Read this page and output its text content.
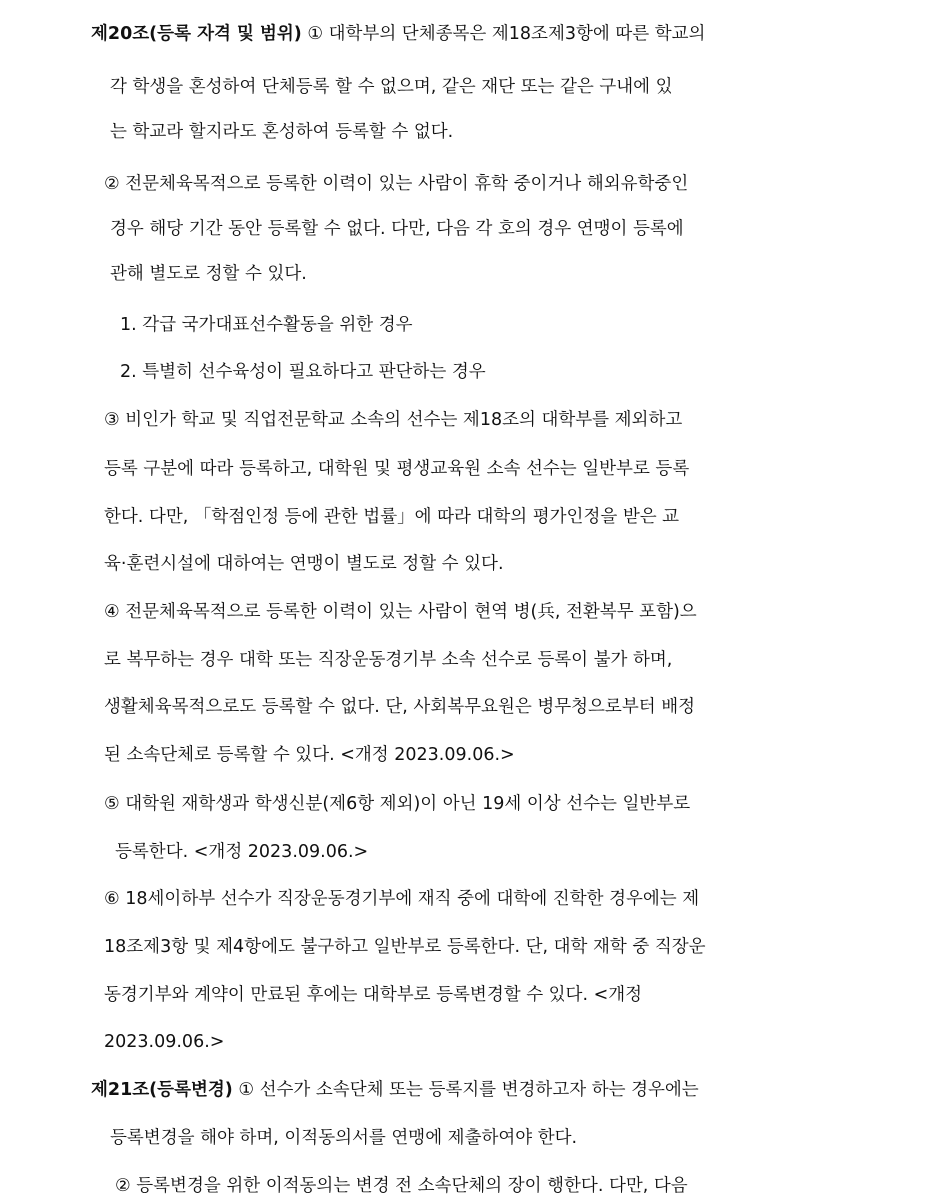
제20조(등록 자격 및 범위) ① 대학부의 단체종목은 제18조제3항에 따른 학교의

각 학생을 혼성하여 단체등록 할 수 없으며, 같은 재단 또는 같은 구내에 있

는 학교라 할지라도 혼성하여 등록할 수 없다.

② 전문체육목적으로 등록한 이력이 있는 사람이 휴학 중이거나 해외유학중인

경우 해당 기간 동안 등록할 수 없다. 다만, 다음 각 호의 경우 연맹이 등록에

관해 별도로 정할 수 있다.

1. 각급 국가대표선수활동을 위한 경우

2. 특별히 선수육성이 필요하다고 판단하는 경우

③ 비인가 학교 및 직업전문학교 소속의 선수는 제18조의 대학부를 제외하고

등록 구분에 따라 등록하고, 대학원 및 평생교육원 소속 선수는 일반부로 등록

한다. 다만, 「학점인정 등에 관한 법률」에 따라 대학의 평가인정을 받은 교

육·훈련시설에 대하여는 연맹이 별도로 정할 수 있다.

④ 전문체육목적으로 등록한 이력이 있는 사람이 현역 병(兵, 전환복무 포함)으

로 복무하는 경우 대학 또는 직장운동경기부 소속 선수로 등록이 불가 하며,

생활체육목적으로도 등록할 수 없다. 단, 사회복무요원은 병무청으로부터 배정

된 소속단체로 등록할 수 있다. <개정 2023.09.06.>

⑤ 대학원 재학생과 학생신분(제6항 제외)이 아닌 19세 이상 선수는 일반부로

등록한다. <개정 2023.09.06.>

⑥ 18세이하부 선수가 직장운동경기부에 재직 중에 대학에 진학한 경우에는 제

18조제3항 및 제4항에도 불구하고 일반부로 등록한다. 단, 대학 재학 중 직장운

동경기부와 계약이 만료된 후에는 대학부로 등록변경할 수 있다. <개정

2023.09.06.>

제21조(등록변경) ① 선수가 소속단체 또는 등록지를 변경하고자 하는 경우에는

등록변경을 해야 하며, 이적동의서를 연맹에 제출하여야 한다.

② 등록변경을 위한 이적동의는 변경 전 소속단체의 장이 행한다. 다만, 다음
